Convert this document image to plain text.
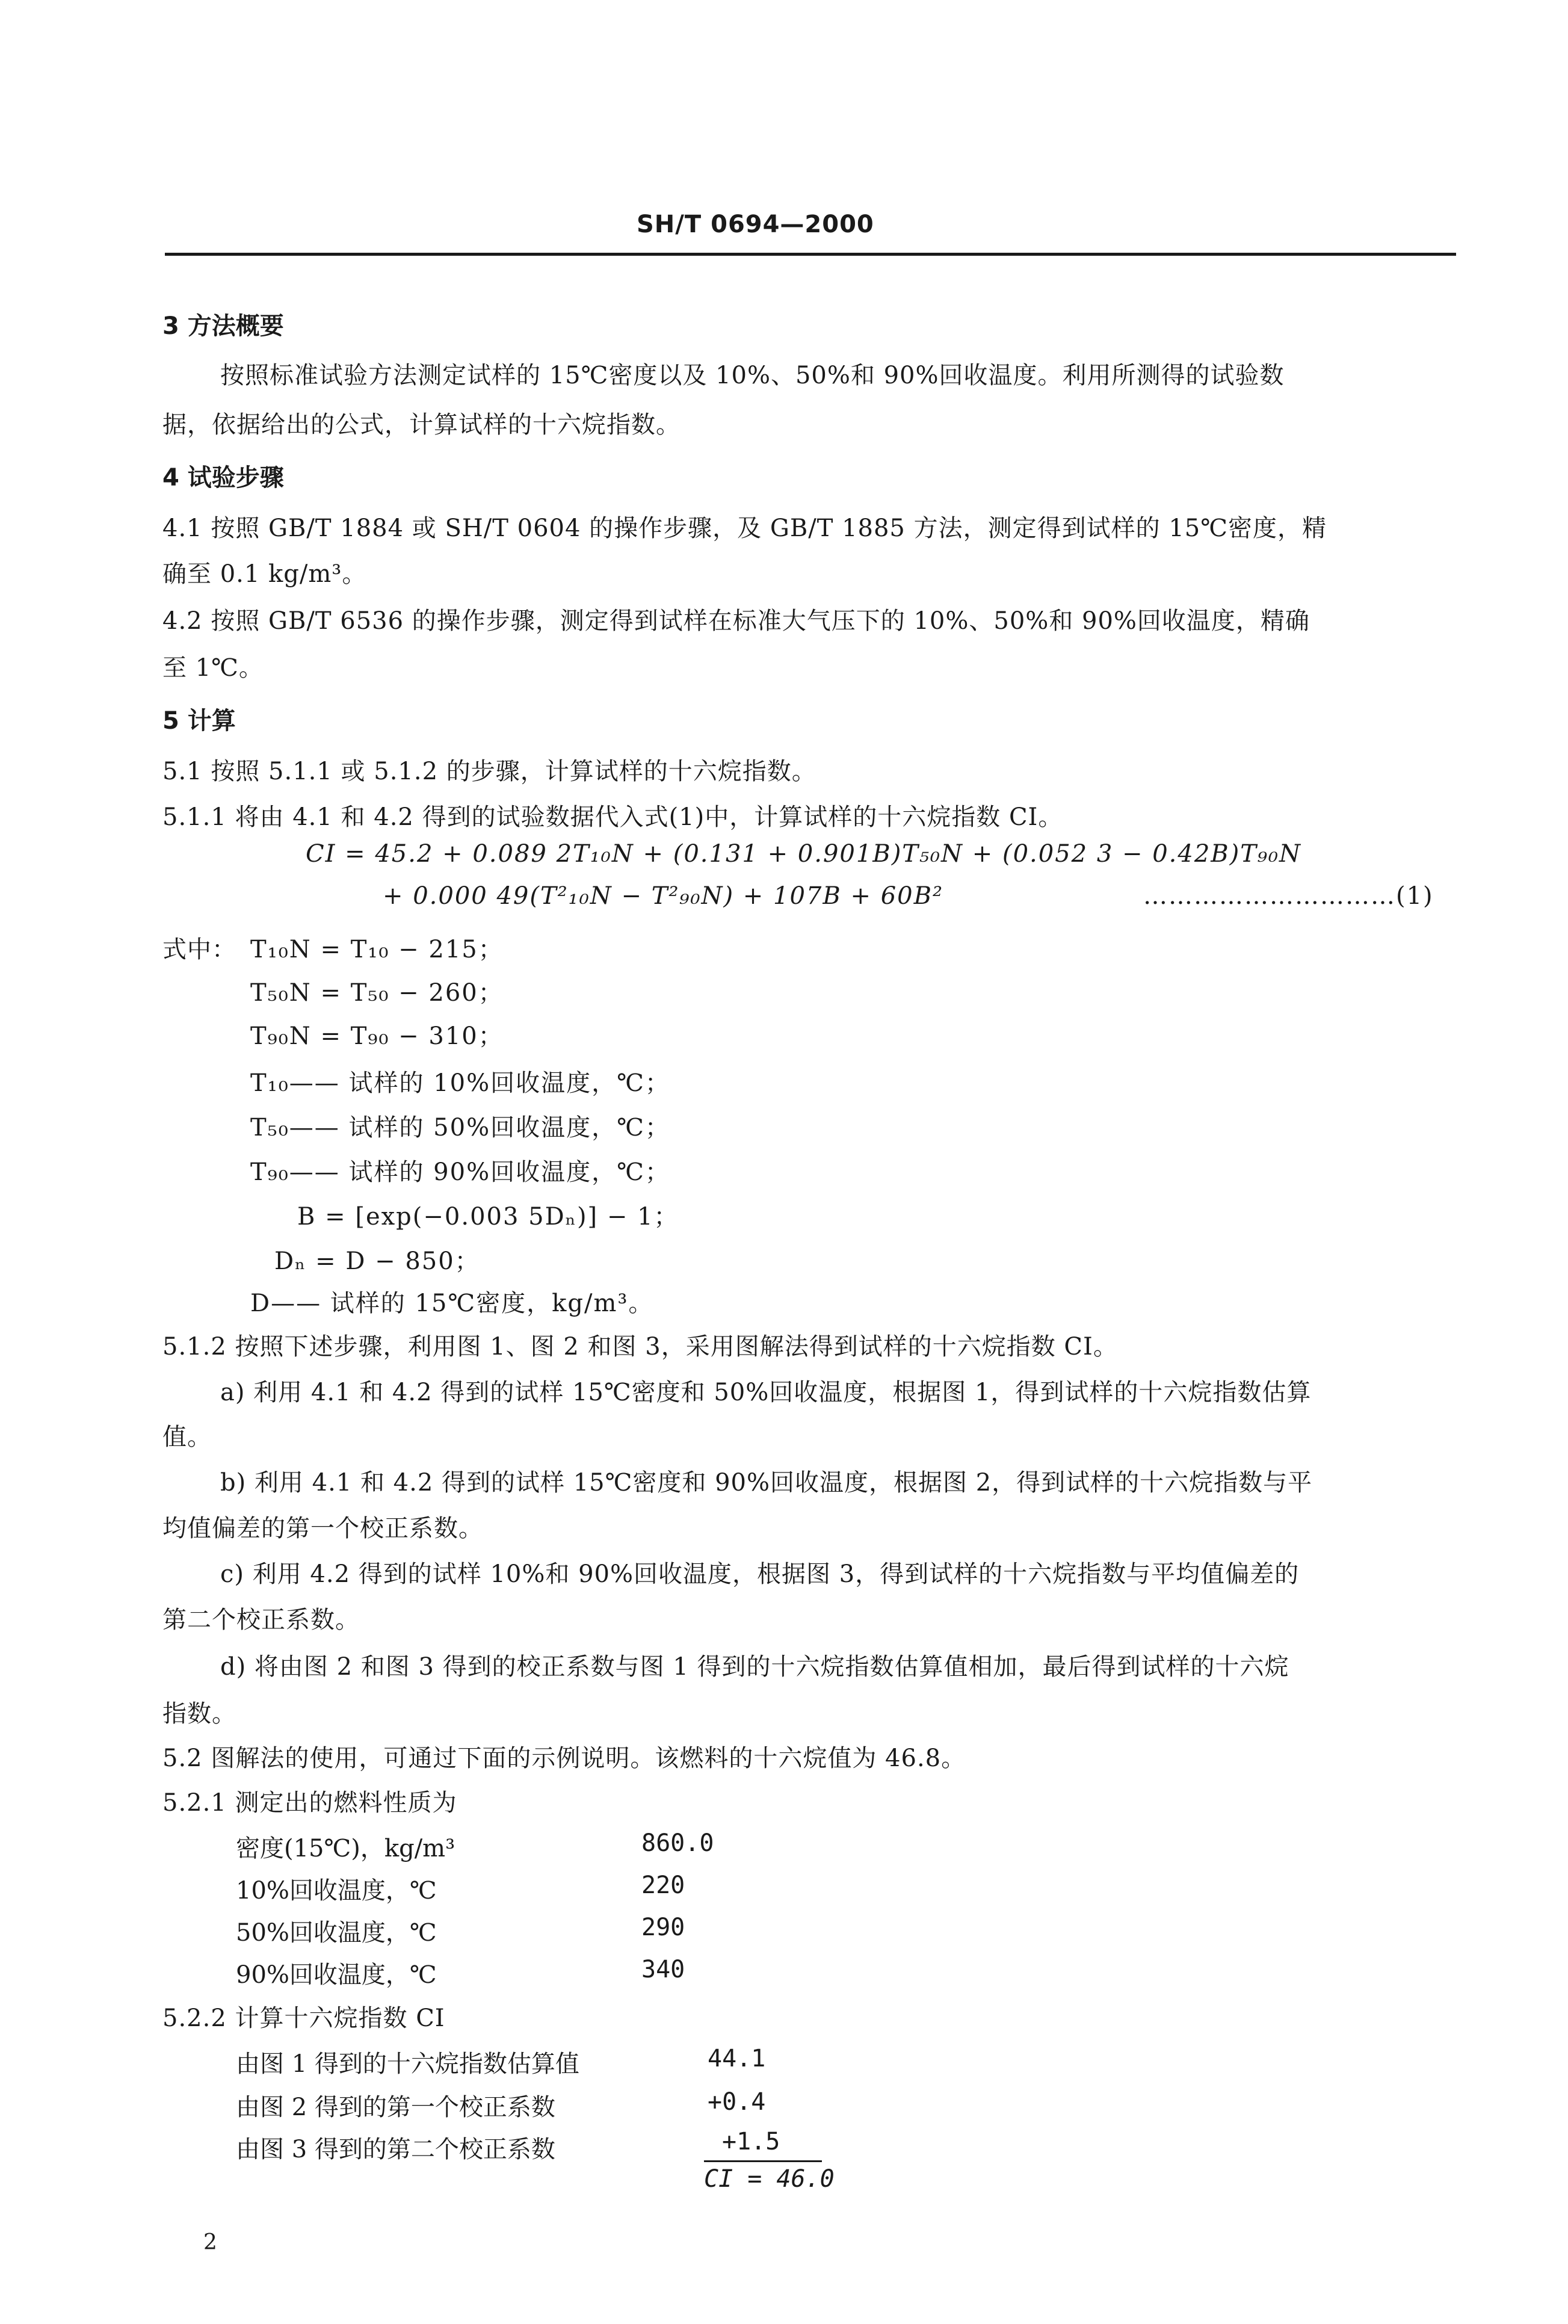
SH/T 0694—2000
3 方法概要
按照标准试验方法测定试样的 15℃密度以及 10%、50%和 90%回收温度。利用所测得的试验数
据，依据给出的公式，计算试样的十六烷指数。
4 试验步骤
4.1 按照 GB/T 1884 或 SH/T 0604 的操作步骤，及 GB/T 1885 方法，测定得到试样的 15℃密度，精
确至 0.1 kg/m³。
4.2 按照 GB/T 6536 的操作步骤，测定得到试样在标准大气压下的 10%、50%和 90%回收温度，精确
至 1℃。
5 计算
5.1 按照 5.1.1 或 5.1.2 的步骤，计算试样的十六烷指数。
5.1.1 将由 4.1 和 4.2 得到的试验数据代入式(1)中，计算试样的十六烷指数 CI。
CI = 45.2 + 0.089 2T₁₀N + (0.131 + 0.901B)T₅₀N + (0.052 3 − 0.42B)T₉₀N
+ 0.000 49(T²₁₀N − T²₉₀N) + 107B + 60B²	…………………………(1)
式中： T₁₀N = T₁₀ − 215；
T₅₀N = T₅₀ − 260；
T₉₀N = T₉₀ − 310；
T₁₀—— 试样的 10%回收温度，℃；
T₅₀—— 试样的 50%回收温度，℃；
T₉₀—— 试样的 90%回收温度，℃；
B = [exp(−0.003 5Dₙ)] − 1；
Dₙ = D − 850；
D—— 试样的 15℃密度，kg/m³。
5.1.2 按照下述步骤，利用图 1、图 2 和图 3，采用图解法得到试样的十六烷指数 CI。
a) 利用 4.1 和 4.2 得到的试样 15℃密度和 50%回收温度，根据图 1，得到试样的十六烷指数估算
值。
b) 利用 4.1 和 4.2 得到的试样 15℃密度和 90%回收温度，根据图 2，得到试样的十六烷指数与平
均值偏差的第一个校正系数。
c) 利用 4.2 得到的试样 10%和 90%回收温度，根据图 3，得到试样的十六烷指数与平均值偏差的
第二个校正系数。
d) 将由图 2 和图 3 得到的校正系数与图 1 得到的十六烷指数估算值相加，最后得到试样的十六烷
指数。
5.2 图解法的使用，可通过下面的示例说明。该燃料的十六烷值为 46.8。
5.2.1 测定出的燃料性质为
密度(15℃)，kg/m³	860.0
10%回收温度，℃	220
50%回收温度，℃	290
90%回收温度，℃	340
5.2.2 计算十六烷指数 CI
由图 1 得到的十六烷指数估算值	44.1
由图 2 得到的第一个校正系数	+0.4
由图 3 得到的第二个校正系数	+1.5
CI = 46.0
2
